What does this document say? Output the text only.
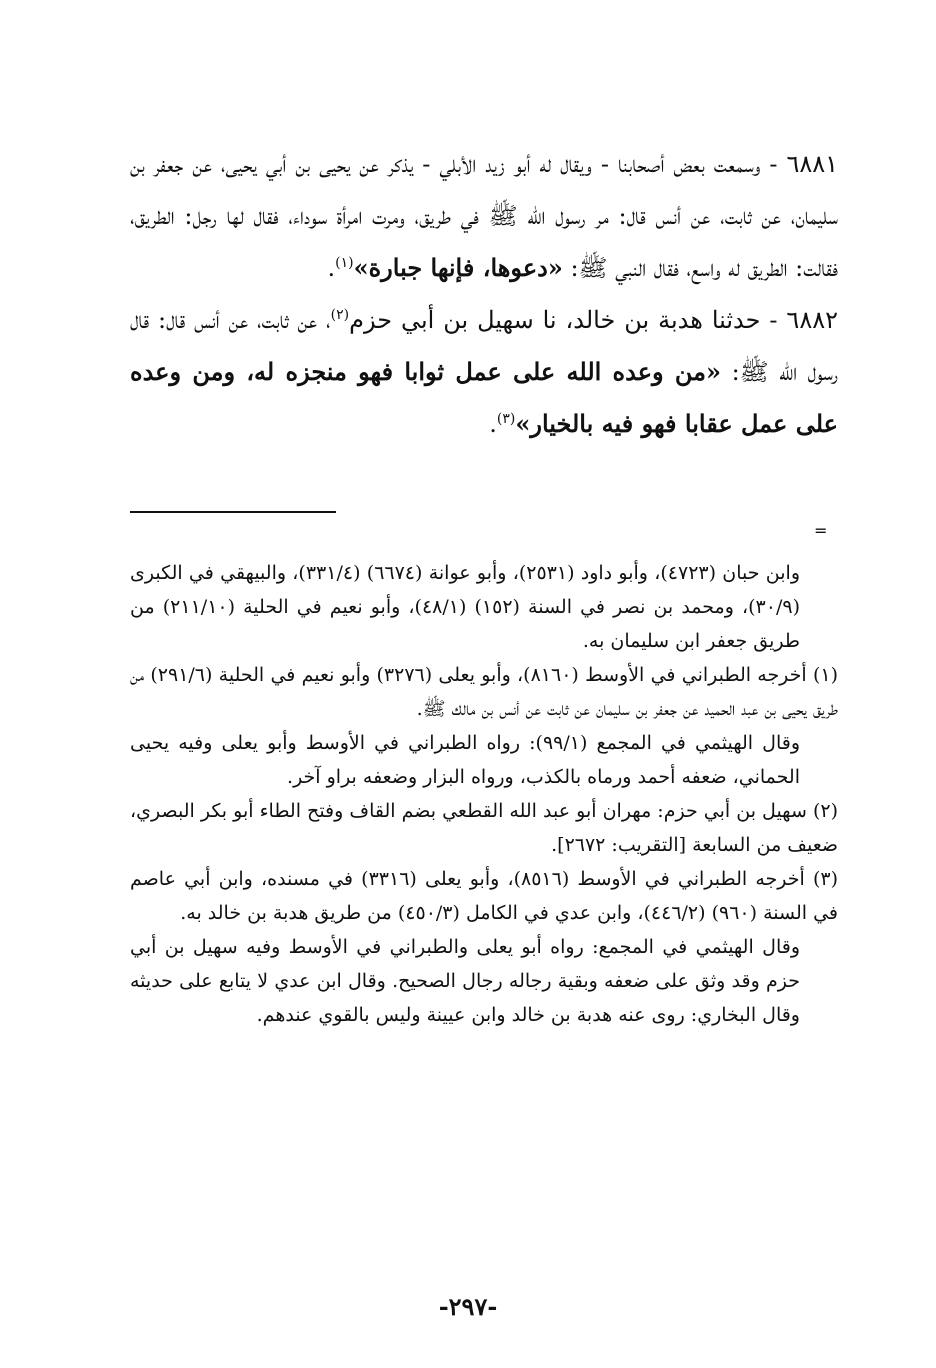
٦٨٨١ - وسمعت بعض أصحابنا - ويقال له أبو زيد الأبلي - يذكر عن يحيى بن أبي يحيى، عن جعفر بن سليمان، عن ثابت، عن أنس قال: مر رسول الله ﷺ في طريق، ومرت امرأة سوداء، فقال لها رجل: الطريق، فقالت: الطريق له واسع، فقال النبي ﷺ: «دعوها، فإنها جبارة»$^{(١)}$.

٦٨٨٢ - حدثنا هدبة بن خالد، نا سهيل بن أبي حزم$^{(٢)}$، عن ثابت، عن أنس قال: قال رسول الله ﷺ: «من وعده الله على عمل ثوابا فهو منجزه له، ومن وعده على عمل عقابا فهو فيه بالخيار»$^{(٣)}$.

=

وابن حبان (٤٧٢٣)، وأبو داود (٢٥٣١)، وأبو عوانة (٦٦٧٤) (٣٣١/٤)، والبيهقي في الكبرى (٣٠/٩)، ومحمد بن نصر في السنة (١٥٢) (٤٨/١)، وأبو نعيم في الحلية (٢١١/١٠) من طريق جعفر ابن سليمان به.

(١) أخرجه الطبراني في الأوسط (٨١٦٠)، وأبو يعلى (٣٢٧٦) وأبو نعيم في الحلية (٢٩١/٦) من طريق يحيى بن عبد الحميد عن جعفر بن سليمان عن ثابت عن أنس بن مالك ﷺ.

وقال الهيثمي في المجمع (٩٩/١): رواه الطبراني في الأوسط وأبو يعلى وفيه يحيى الحماني، ضعفه أحمد ورماه بالكذب، ورواه البزار وضعفه براو آخر.

(٢) سهيل بن أبي حزم: مهران أبو عبد الله القطعي بضم القاف وفتح الطاء أبو بكر البصري، ضعيف من السابعة [التقريب: ٢٦٧٢].

(٣) أخرجه الطبراني في الأوسط (٨٥١٦)، وأبو يعلى (٣٣١٦) في مسنده، وابن أبي عاصم في السنة (٩٦٠) (٤٤٦/٢)، وابن عدي في الكامل (٤٥٠/٣) من طريق هدبة بن خالد به.

وقال الهيثمي في المجمع: رواه أبو يعلى والطبراني في الأوسط وفيه سهيل بن أبي حزم وقد وثق على ضعفه وبقية رجاله رجال الصحيح. وقال ابن عدي لا يتابع على حديثه وقال البخاري: روى عنه هدبة بن خالد وابن عيينة وليس بالقوي عندهم.

-٢٩٧-
